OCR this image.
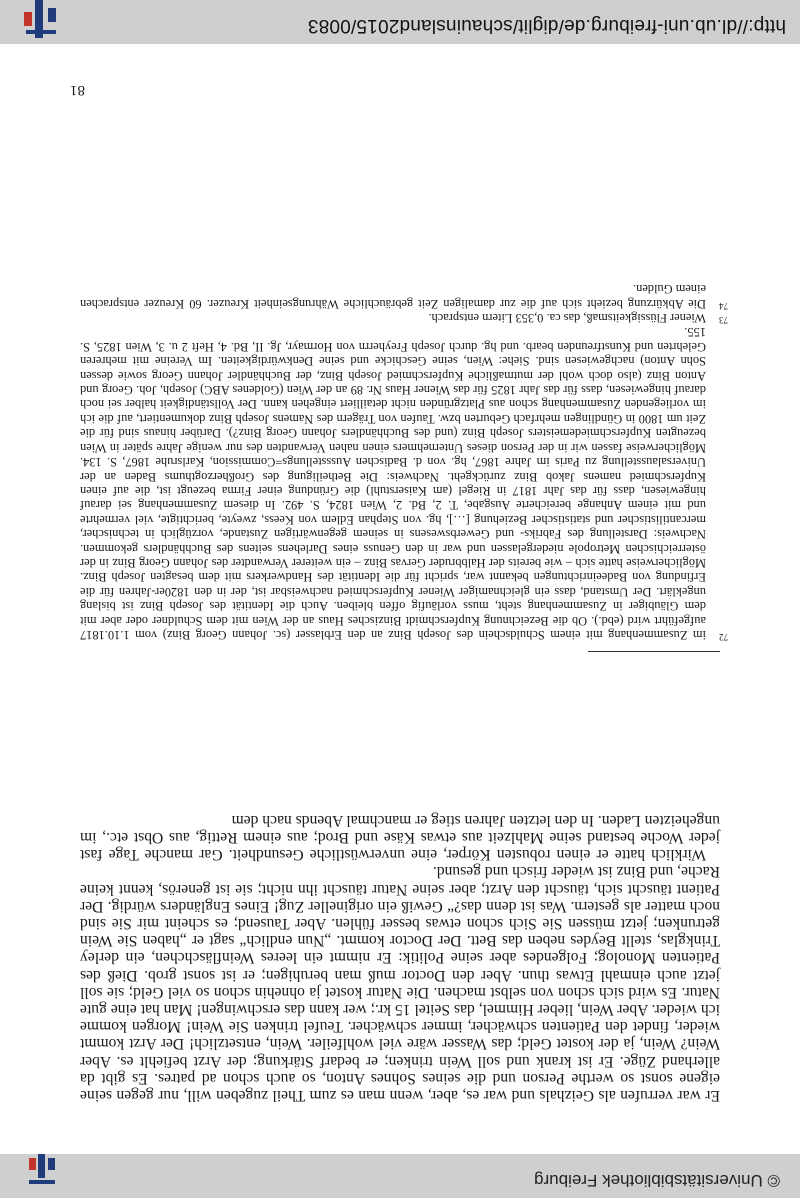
© Universitätsbibliothek Freiburg

Er war verrufen als Geizhals und war es, aber, wenn man es zum Theil zugeben will, nur gegen seine eigene sonst so werthe Person und die seines Sohnes Anton, so auch schon ad patres. Es gibt da allerhand Züge. Er ist krank und soll Wein trinken; er bedarf Stärkung; der Arzt befiehlt es. Aber Wein? Wein, ja der kostet Geld; das Wasser wäre viel wohlfeiler. Wein, entsetzlich! Der Arzt kommt wieder, findet den Patienten schwächer, immer schwächer. Teufel trinken Sie Wein! Morgen komme ich wieder. Aber Wein, lieber Himmel, das Seitel 15 kr.; wer kann das erschwingen! Man hat eine gute Natur. Es wird sich schon von selbst machen. Die Natur kostet ja ohnehin schon so viel Geld; sie soll jetzt auch einmahl Etwas thun. Aber den Doctor muß man beruhigen; er ist sonst grob. Dieß des Patienten Monolog; Folgendes aber seine Politik: Er nimmt ein leeres Weinfläschchen, ein derley Trinkglas, stellt Beydes neben das Bett. Der Doctor kommt. „Nun endlich“ sagt er „haben Sie Wein getrunken; jetzt müssen Sie Sich schon etwas besser fühlen. Aber Tausend; es scheint mir Sie sind noch matter als gestern. Was ist denn das?“ Gewiß ein origineller Zug! Eines Engländers würdig. Der Patient täuscht sich, täuscht den Arzt; aber seine Natur täuscht ihn nicht; sie ist generös, kennt keine Rache, und Binz ist wieder frisch und gesund.

Wirklich hatte er einen robusten Körper, eine unverwüstliche Gesundheit. Gar manche Tage fast jeder Woche bestand seine Mahlzeit aus etwas Käse und Brod; aus einem Rettig, aus Obst etc., im ungeheizten Laden. In den letzten Jahren stieg er manchmal Abends nach dem

72
im Zusammenhang mit einem Schuldschein des Joseph Binz an den Erblasser (sc. Johann Georg Binz) vom 1.10.1817 aufgeführt wird (ebd.). Ob die Bezeichnung Kupferschmidt Binzisches Haus an der Wien mit dem Schuldner oder aber mit dem Gläubiger in Zusammenhang steht, muss vorläufig offen bleiben. Auch die Identität des Joseph Binz ist bislang ungeklärt. Der Umstand, dass ein gleichnamiger Wiener Kupferschmied nachweisbar ist, der in den 1820er-Jahren für die Erfindung von Badeeinrichtungen bekannt war, spricht für die Identität des Handwerkers mit dem besagten Joseph Binz. Möglicherweise hatte sich – wie bereits der Halbbruder Gervas Binz – ein weiterer Verwandter des Johann Georg Binz in der österreichischen Metropole niedergelassen und war in den Genuss eines Darlehens seitens des Buchhändlers gekommen. Nachweis: Darstellung des Fabriks- und Gewerbswesens in seinem gegenwärtigen Zustande, vorzüglich in technischer, mercantilistischer und statistischer Beziehung […], hg. von Stephan Edlem von Keess, zweyte, berichtigte, viel vermehrte und mit einem Anhange bereicherte Ausgabe, T. 2, Bd. 2, Wien 1824, S. 492. In diesem Zusammenhang sei darauf hingewiesen, dass für das Jahr 1817 in Riegel (am Kaiserstuhl) die Gründung einer Firma bezeugt ist, die auf einen Kupferschmied namens Jakob Binz zurückgeht. Nachweis: Die Betheiligung des Großherzogthums Baden an der Universalausstellung zu Paris im Jahre 1867, hg. von d. Badischen Aussstellungs=Commission, Karlsruhe 1867, S. 134. Möglicherweise fassen wir in der Person dieses Unternehmers einen nahen Verwandten des nur wenige Jahre später in Wien bezeugten Kupferschmiedemeisters Joseph Binz (und des Buchhändlers Johann Georg Binz?). Darüber hinaus sind für die Zeit um 1800 in Gündlingen mehrfach Geburten bzw. Taufen von Trägern des Namens Joseph Binz dokumentiert, auf die ich im vorliegenden Zusammenhang schon aus Platzgründen nicht detailliert eingehen kann. Der Vollständigkeit halber sei noch darauf hingewiesen, dass für das Jahr 1825 für das Wiener Haus Nr. 89 an der Wien (Goldenes ABC) Joseph, Joh. Georg und Anton Binz (also doch wohl der mutmaßliche Kupferschmied Joseph Binz, der Buchhändler Johann Georg sowie dessen Sohn Anton) nachgewiesen sind. Siehe: Wien, seine Geschicke und seine Denkwürdigkeiten. Im Vereine mit mehreren Gelehrten und Kunstfreunden bearb. und hg. durch Joseph Freyherrn von Hormayr, Jg. II, Bd. 4, Heft 2 u. 3, Wien 1825, S. 155.
73
Wiener Flüssigkeitsmaß, das ca. 0,353 Litern entsprach.
74
Die Abkürzung bezieht sich auf die zur damaligen Zeit gebräuchliche Währungseinheit Kreuzer. 60 Kreuzer entsprachen einem Gulden.
81
http://dl.ub.uni-freiburg.de/diglit/schauinsland2015/0083
